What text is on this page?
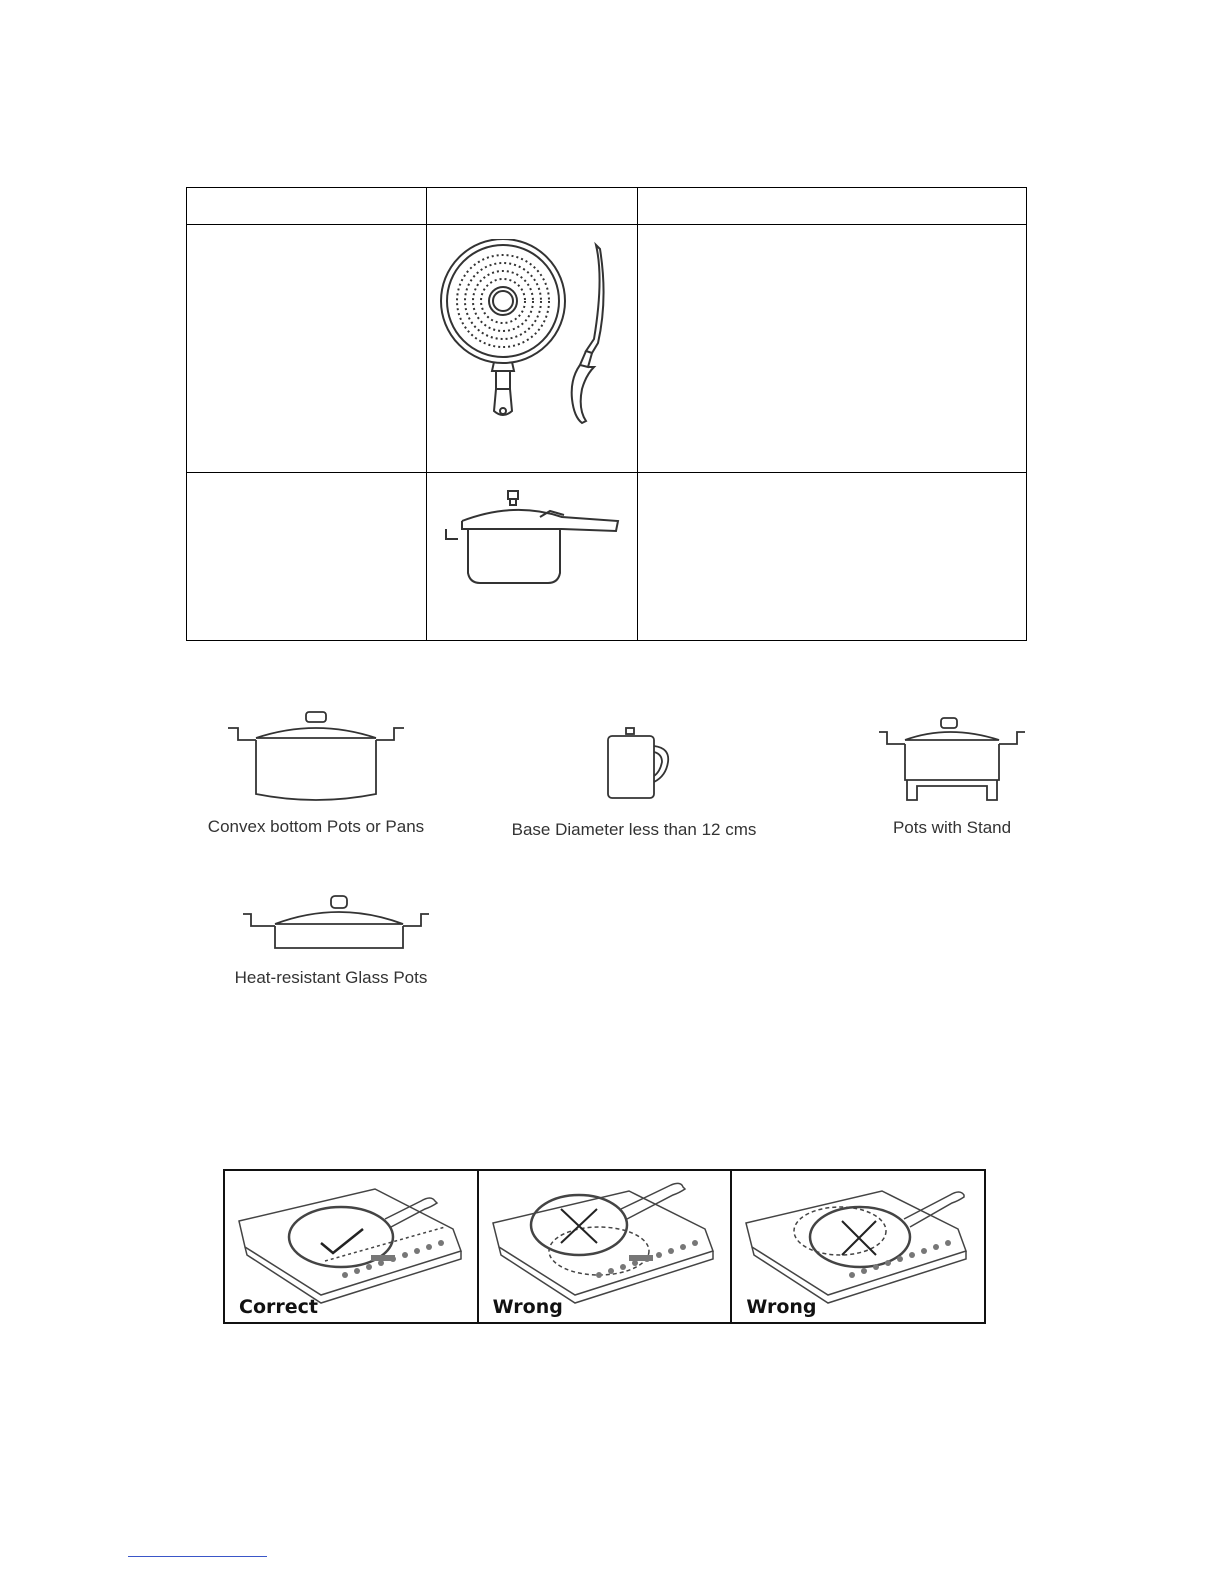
Convex bottom Pots or Pans	Base Diameter less than 12 cms	Pots with Stand
Heat-resistant Glass Pots
Correct	Wrong	Wrong
